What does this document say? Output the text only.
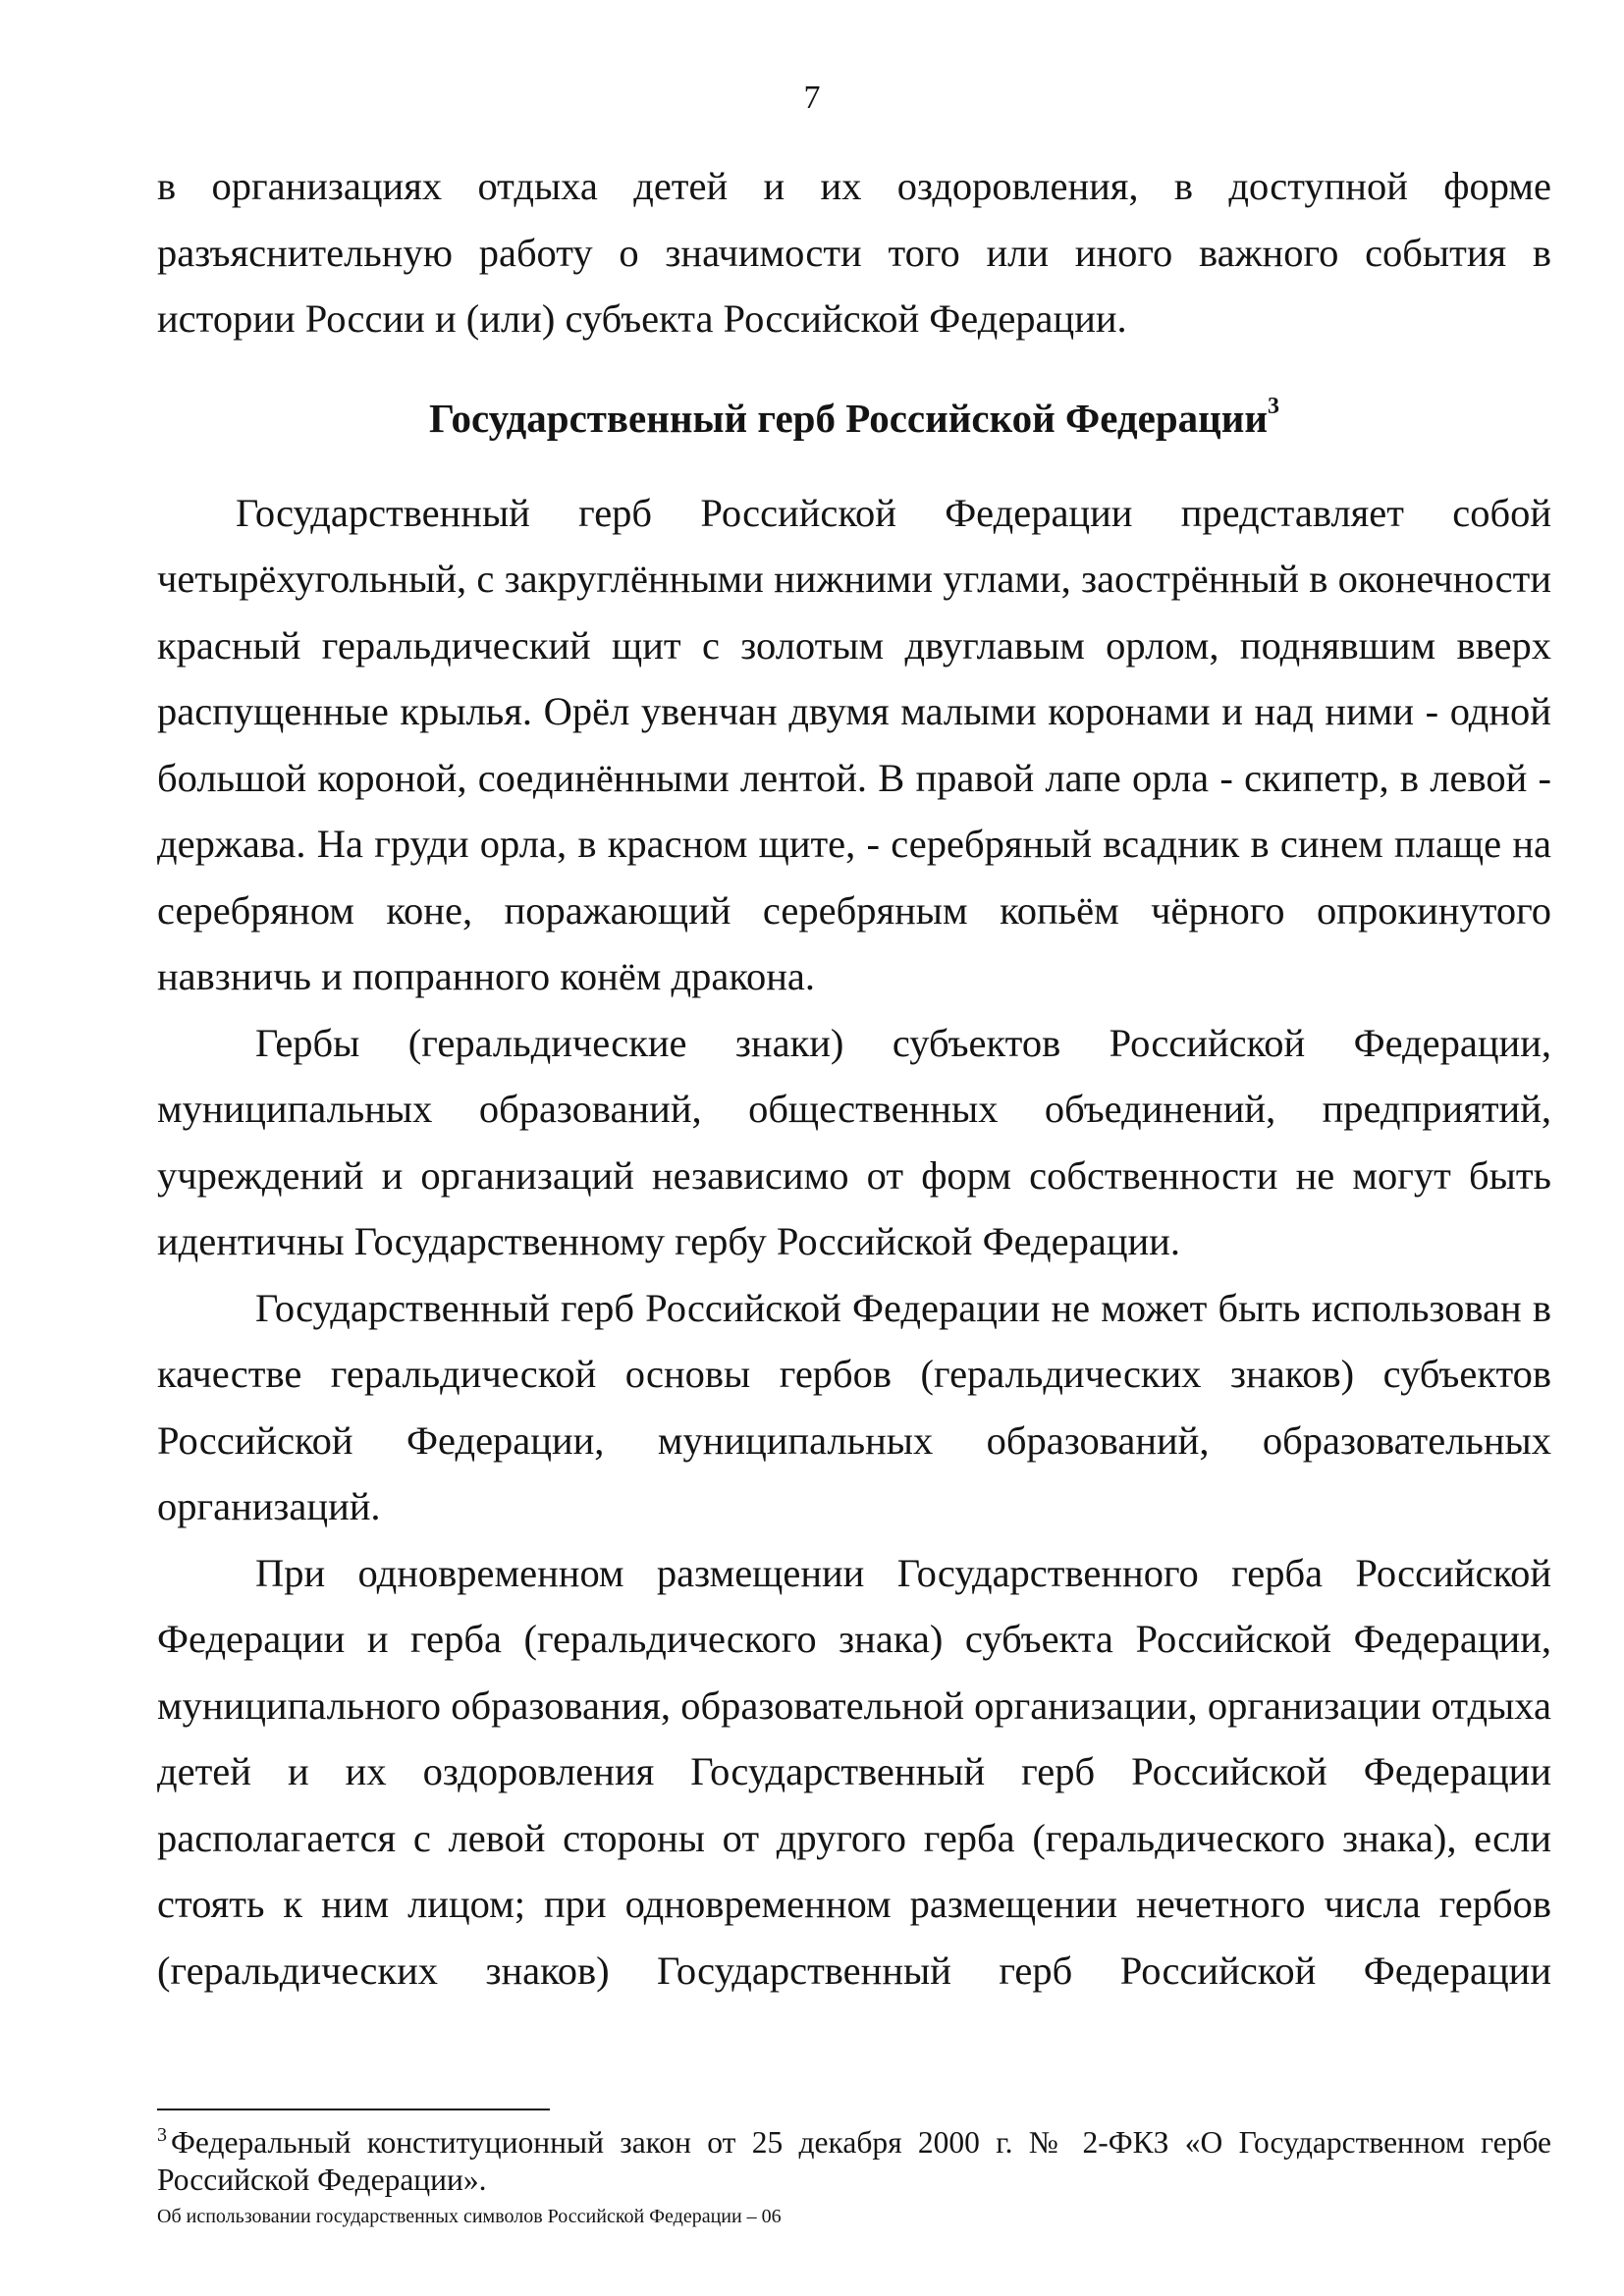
7

в организациях отдыха детей и их оздоровления, в доступной форме разъяснительную работу о значимости того или иного важного события в истории России и (или) субъекта Российской Федерации.

Государственный герб Российской Федерации$^3$

Государственный герб Российской Федерации представляет собой четырёхугольный, с закруглёнными нижними углами, заострённый в оконечности красный геральдический щит с золотым двуглавым орлом, поднявшим вверх распущенные крылья. Орёл увенчан двумя малыми коронами и над ними - одной большой короной, соединёнными лентой. В правой лапе орла - скипетр, в левой - держава. На груди орла, в красном щите, - серебряный всадник в синем плаще на серебряном коне, поражающий серебряным копьём чёрного опрокинутого навзничь и попранного конём дракона.

Гербы (геральдические знаки) субъектов Российской Федерации, муниципальных образований, общественных объединений, предприятий, учреждений и организаций независимо от форм собственности не могут быть идентичны Государственному гербу Российской Федерации.

Государственный герб Российской Федерации не может быть использован в качестве геральдической основы гербов (геральдических знаков) субъектов Российской Федерации, муниципальных образований, образовательных организаций.

При одновременном размещении Государственного герба Российской Федерации и герба (геральдического знака) субъекта Российской Федерации, муниципального образования, образовательной организации, организации отдыха детей и их оздоровления Государственный герб Российской Федерации располагается с левой стороны от другого герба (геральдического знака), если стоять к ним лицом; при одновременном размещении нечетного числа гербов (геральдических знаков) Государственный герб Российской Федерации

$^3$ Федеральный конституционный закон от 25 декабря 2000 г. № 2-ФКЗ «О Государственном гербе Российской Федерации».
Об использовании государственных символов Российской Федерации – 06
